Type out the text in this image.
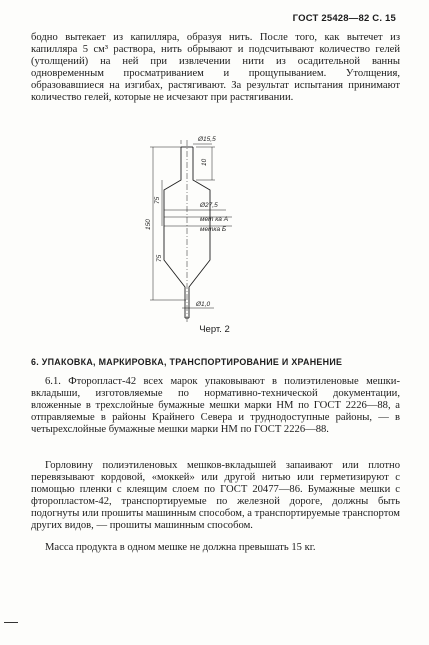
ГОСТ 25428—82 С. 15

бодно вытекает из капилляра, образуя нить. После того, как вытечет из капилляра 5 см³ раствора, нить обрывают и подсчитывают количество гелей (утолщений) на ней при извлечении нити из осадительной ванны одновременным просматриванием и прощупыванием. Утолщения, образовавшиеся на изгибах, растягивают. За результат испытания принимают количество гелей, которые не исчезают при растягивании.

Ø15,5
10
75
150
75
Ø27,5
мет ка А
метка Б
Ø1,0
Черт. 2
6. УПАКОВКА, МАРКИРОВКА, ТРАНСПОРТИРОВАНИЕ И ХРАНЕНИЕ

6.1. Фторопласт-42 всех марок упаковывают в полиэтиленовые мешки-вкладыши, изготовляемые по нормативно-технической документации, вложенные в трехслойные бумажные мешки марки НМ по ГОСТ 2226—88, а отправляемые в районы Крайнего Севера и труднодоступные районы, — в четырехслойные бумажные мешки марки НМ по ГОСТ 2226—88.

Горловину полиэтиленовых мешков-вкладышей запаивают или плотно перевязывают кордовой, «моккей» или другой нитью или герметизируют с помощью пленки с клеящим слоем по ГОСТ 20477—86. Бумажные мешки с фторопластом-42, транспортируемые по железной дороге, должны быть подогнуты или прошиты машинным способом, а транспортируемые транспортом других видов, — прошиты машинным способом.

Масса продукта в одном мешке не должна превышать 15 кг.
